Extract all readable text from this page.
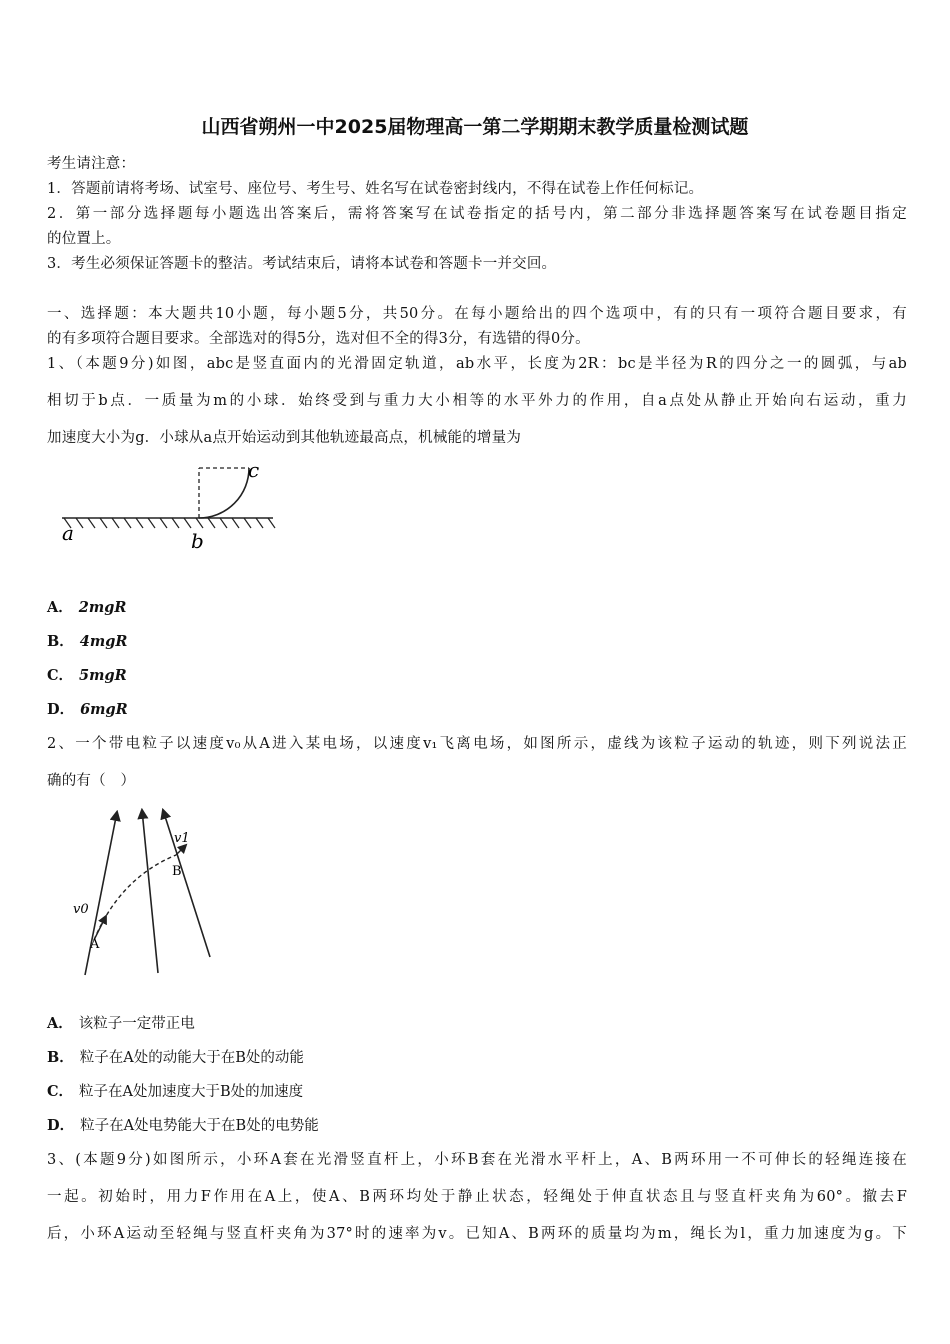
山西省朔州一中2025届物理高一第二学期期末教学质量检测试题
考生请注意：
1．答题前请将考场、试室号、座位号、考生号、姓名写在试卷密封线内，不得在试卷上作任何标记。
2．第一部分选择题每小题选出答案后，需将答案写在试卷指定的括号内，第二部分非选择题答案写在试卷题目指定
的位置上。
3．考生必须保证答题卡的整洁。考试结束后，请将本试卷和答题卡一并交回。
一、选择题：本大题共10小题，每小题5分，共50分。在每小题给出的四个选项中，有的只有一项符合题目要求，有
的有多项符合题目要求。全部选对的得5分，选对但不全的得3分，有选错的得0分。
1、（本题9分)如图，abc是竖直面内的光滑固定轨道，ab水平，长度为2R：bc是半径为R的四分之一的圆弧，与ab
相切于b点．一质量为m的小球．始终受到与重力大小相等的水平外力的作用，自a点处从静止开始向右运动，重力
加速度大小为g．小球从a点开始运动到其他轨迹最高点，机械能的增量为
a	b
c
A． 2mgR
B． 4mgR
C． 5mgR
D． 6mgR
2、一个带电粒子以速度v₀从A进入某电场，以速度v₁飞离电场，如图所示，虚线为该粒子运动的轨迹，则下列说法正
确的有（　）
v0
v1
A
B
A． 该粒子一定带正电
B． 粒子在A处的动能大于在B处的动能
C． 粒子在A处加速度大于B处的加速度
D． 粒子在A处电势能大于在B处的电势能
3、(本题9分)如图所示，小环A套在光滑竖直杆上，小环B套在光滑水平杆上，A、B两环用一不可伸长的轻绳连接在
一起。初始时，用力F作用在A上，使A、B两环均处于静止状态，轻绳处于伸直状态且与竖直杆夹角为60°。撤去F
后，小环A运动至轻绳与竖直杆夹角为37°时的速率为v。已知A、B两环的质量均为m，绳长为l，重力加速度为g。下
